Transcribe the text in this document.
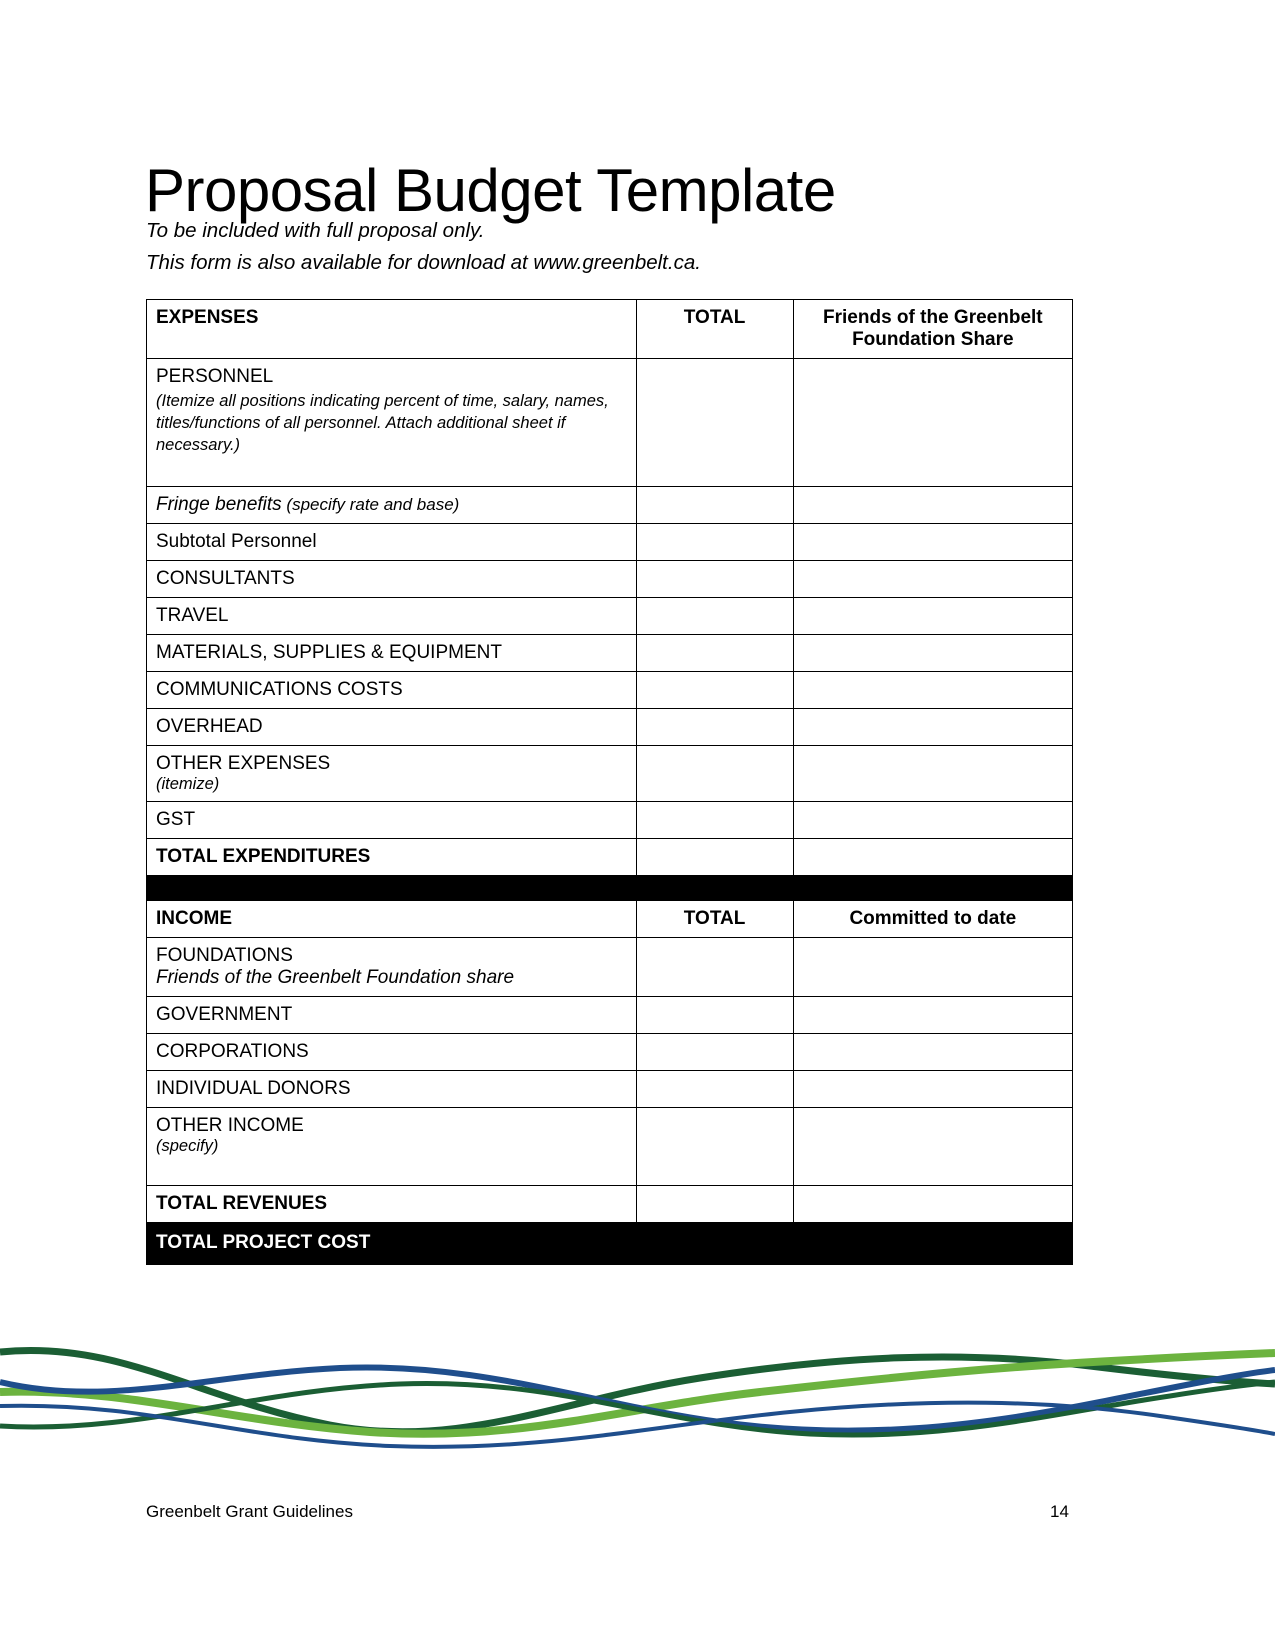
Proposal Budget Template
To be included with full proposal only.
This form is also available for download at www.greenbelt.ca.
EXPENSES	TOTAL	Friends of the Greenbelt Foundation Share

PERSONNEL
(Itemize all positions indicating percent of time, salary, names, titles/functions of all personnel. Attach additional sheet if necessary.)		

Fringe benefits (specify rate and base)		

Subtotal Personnel		

CONSULTANTS		

TRAVEL		

MATERIALS, SUPPLIES & EQUIPMENT		

COMMUNICATIONS COSTS		

OVERHEAD		

OTHER EXPENSES
(itemize)		

GST		

TOTAL EXPENDITURES		

INCOME	TOTAL	Committed to date

FOUNDATIONS
Friends of the Greenbelt Foundation share		

GOVERNMENT		

CORPORATIONS		

INDIVIDUAL DONORS		

OTHER INCOME
(specify)		

TOTAL REVENUES		

TOTAL PROJECT COST		
Greenbelt Grant Guidelines	14
